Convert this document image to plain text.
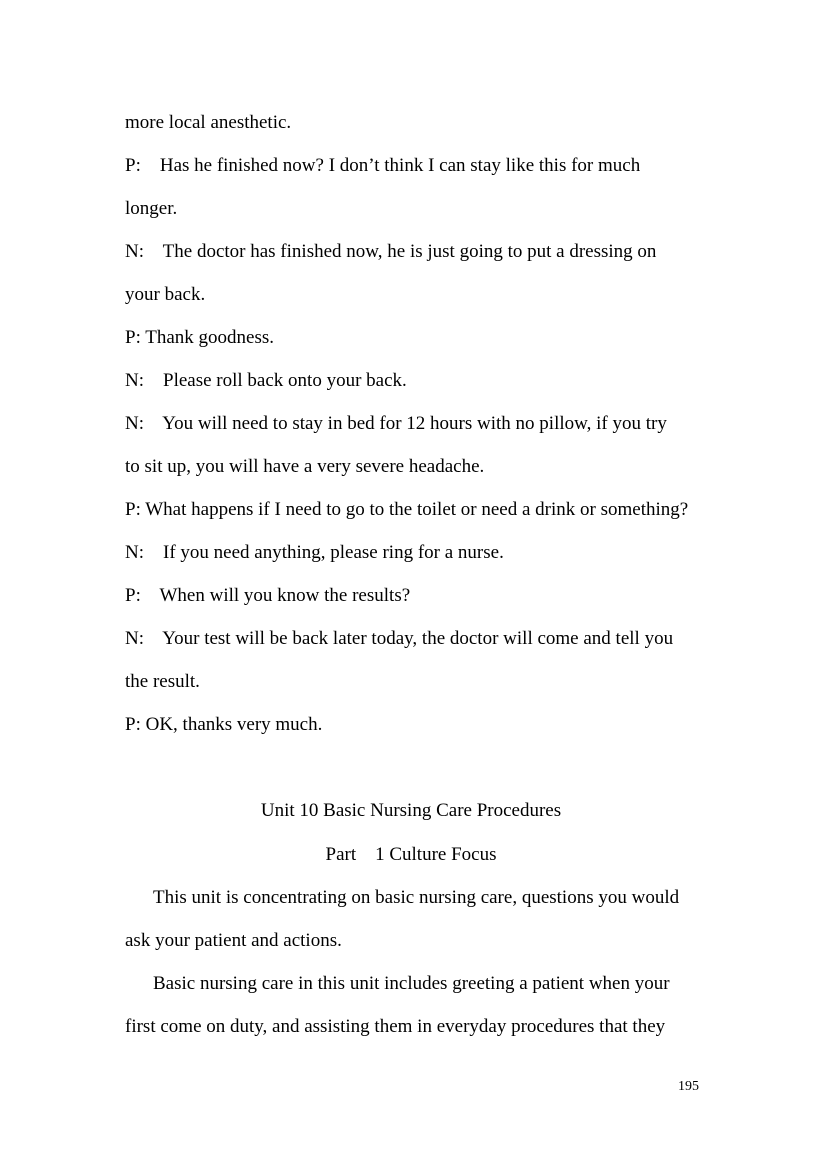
more local anesthetic.
P:    Has he finished now? I don’t think I can stay like this for much
longer.
N:    The doctor has finished now, he is just going to put a dressing on
your back.
P: Thank goodness.
N:    Please roll back onto your back.
N:    You will need to stay in bed for 12 hours with no pillow, if you try
to sit up, you will have a very severe headache.
P: What happens if I need to go to the toilet or need a drink or something?
N:    If you need anything, please ring for a nurse.
P:    When will you know the results?
N:    Your test will be back later today, the doctor will come and tell you
the result.
P: OK, thanks very much.
Unit 10 Basic Nursing Care Procedures
Part    1 Culture Focus
This unit is concentrating on basic nursing care, questions you would
ask your patient and actions.
Basic nursing care in this unit includes greeting a patient when your
first come on duty, and assisting them in everyday procedures that they
195
